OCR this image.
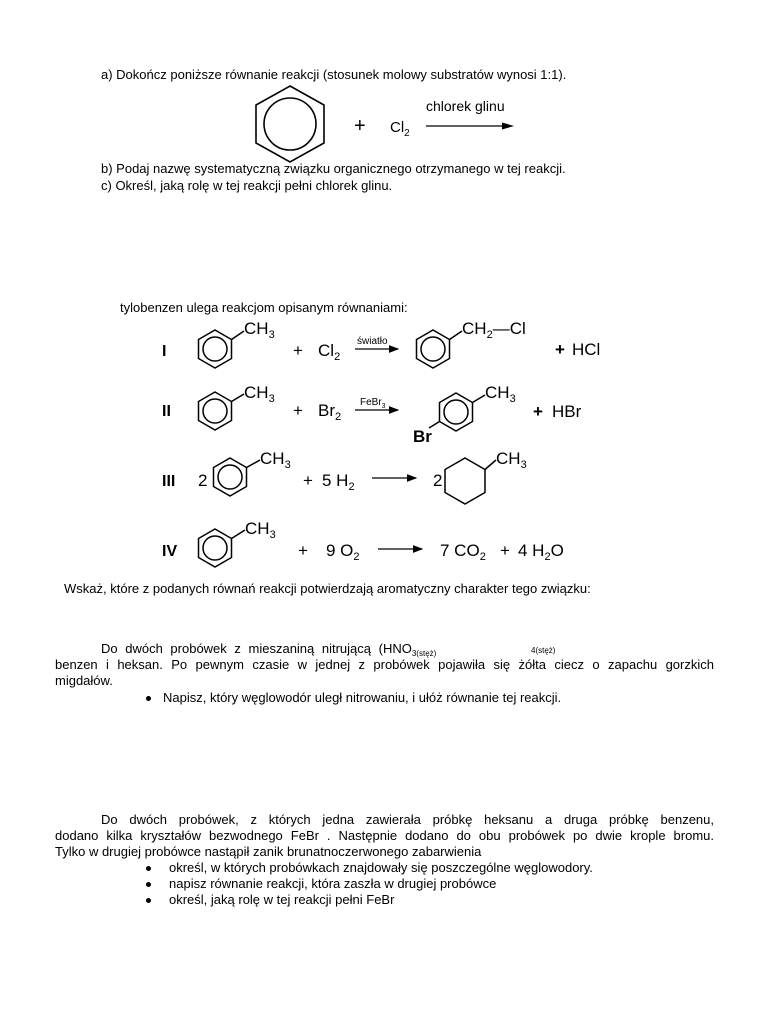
a) Dokończ poniższe równanie reakcji (stosunek molowy substratów wynosi 1:1).
+ $Cl_2$
chlorek glinu
b) Podaj nazwę systematyczną związku organicznego otrzymanego w tej reakcji.
c) Określ, jaką rolę w tej reakcji pełni chlorek glinu.
tylobenzen ulega reakcjom opisanym równaniami:
I
$CH_3$
+ $Cl_2$
światło
$CH_2—Cl$
+ HCl
II
$CH_3$
+ $Br_2$
FeBr$_3$
$CH_3$
Br
+ HBr
III 2
$CH_3$
+ 5 $H_2$	2
$CH_3$
IV
$CH_3$
+ 9 $O_2$	7 $CO_2 + 4$ $H_2O$
Wskaż, które z podanych równań reakcji potwierdzają aromatyczny charakter tego związku:
Do dwóch probówek z mieszaniną nitrującą ($HNO_{3(stęż)}$	4(stęż)
benzen i heksan. Po pewnym czasie w jednej z probówek pojawiła się żółta ciecz o zapachu gorzkich
migdałów.
Napisz, który węglowodór uległ nitrowaniu, i ułóż równanie tej reakcji.
Do dwóch probówek, z których jedna zawierała próbkę heksanu a druga próbkę benzenu,
dodano kilka kryształów bezwodnego FeBr . Następnie dodano do obu probówek po dwie krople bromu.
Tylko w drugiej probówce nastąpił zanik brunatnoczerwonego zabarwienia
określ, w których probówkach znajdowały się poszczególne węglowodory.
napisz równanie reakcji, która zaszła w drugiej probówce
określ, jaką rolę w tej reakcji pełni FeBr
